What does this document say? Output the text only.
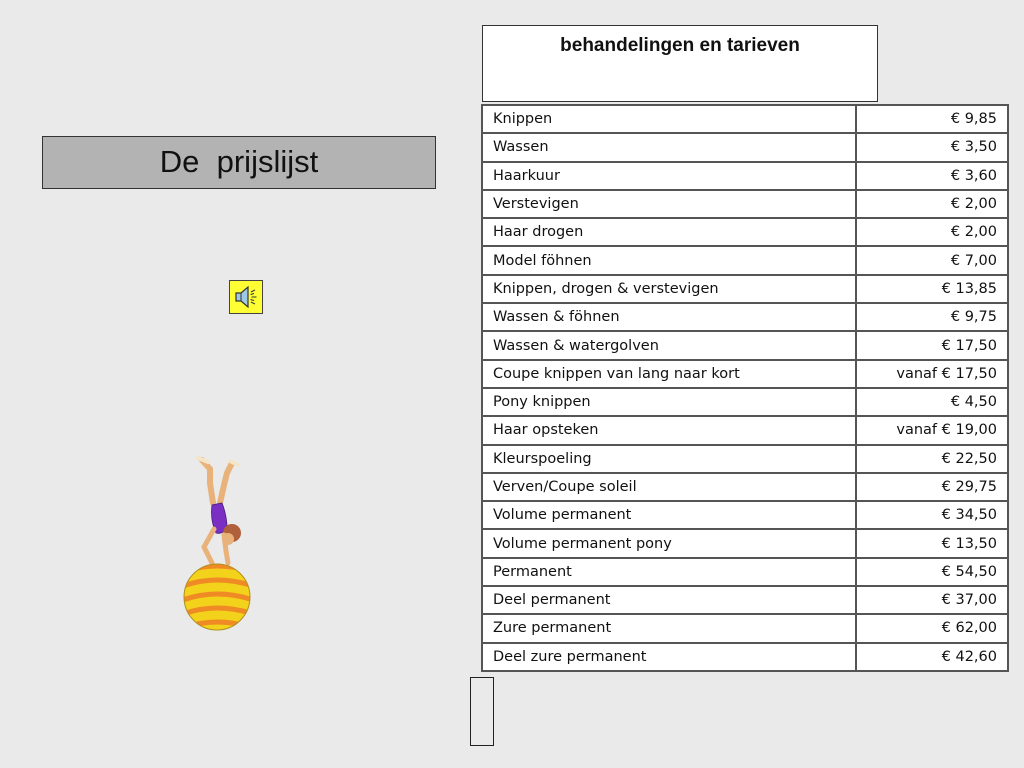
De  prijslijst
behandelingen en tarieven
Knippen	€ 9,85
Wassen	€ 3,50
Haarkuur	€ 3,60
Verstevigen	€ 2,00
Haar drogen	€ 2,00
Model föhnen	€ 7,00
Knippen, drogen & verstevigen	€ 13,85
Wassen & föhnen	€ 9,75
Wassen & watergolven	€ 17,50
Coupe knippen van lang naar kort	vanaf € 17,50
Pony knippen	€ 4,50
Haar opsteken	vanaf € 19,00
Kleurspoeling	€ 22,50
Verven/Coupe soleil	€ 29,75
Volume permanent	€ 34,50
Volume permanent pony	€ 13,50
Permanent	€ 54,50
Deel permanent	€ 37,00
Zure permanent	€ 62,00
Deel zure permanent	€ 42,60
